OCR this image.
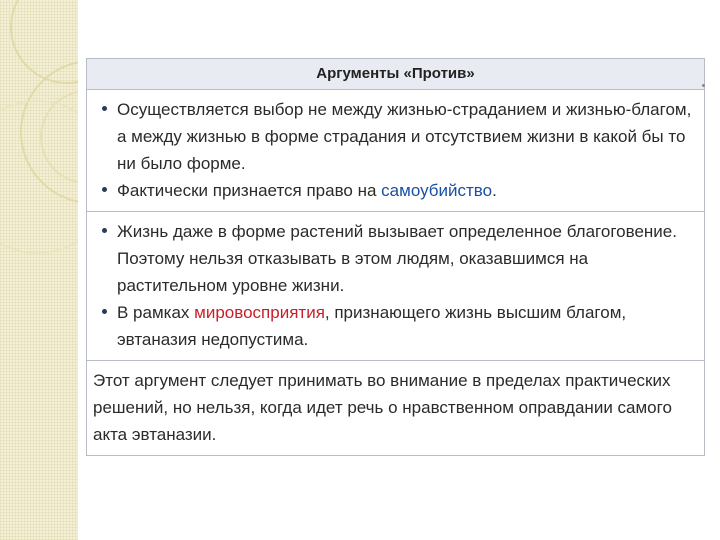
Аргументы «Против»
Осуществляется выбор не между жизнью-страданием и жизнью-благом, а между жизнью в форме страдания и отсутствием жизни в какой бы то ни было форме.
Фактически признается право на самоубийство.
Жизнь даже в форме растений вызывает определенное благоговение. Поэтому нельзя отказывать в этом людям, оказавшимся на растительном уровне жизни.
В рамках мировосприятия, признающего жизнь высшим благом, эвтаназия недопустима.
Этот аргумент следует принимать во внимание в пределах практических решений, но нельзя, когда идет речь о нравственном оправдании самого акта эвтаназии.
